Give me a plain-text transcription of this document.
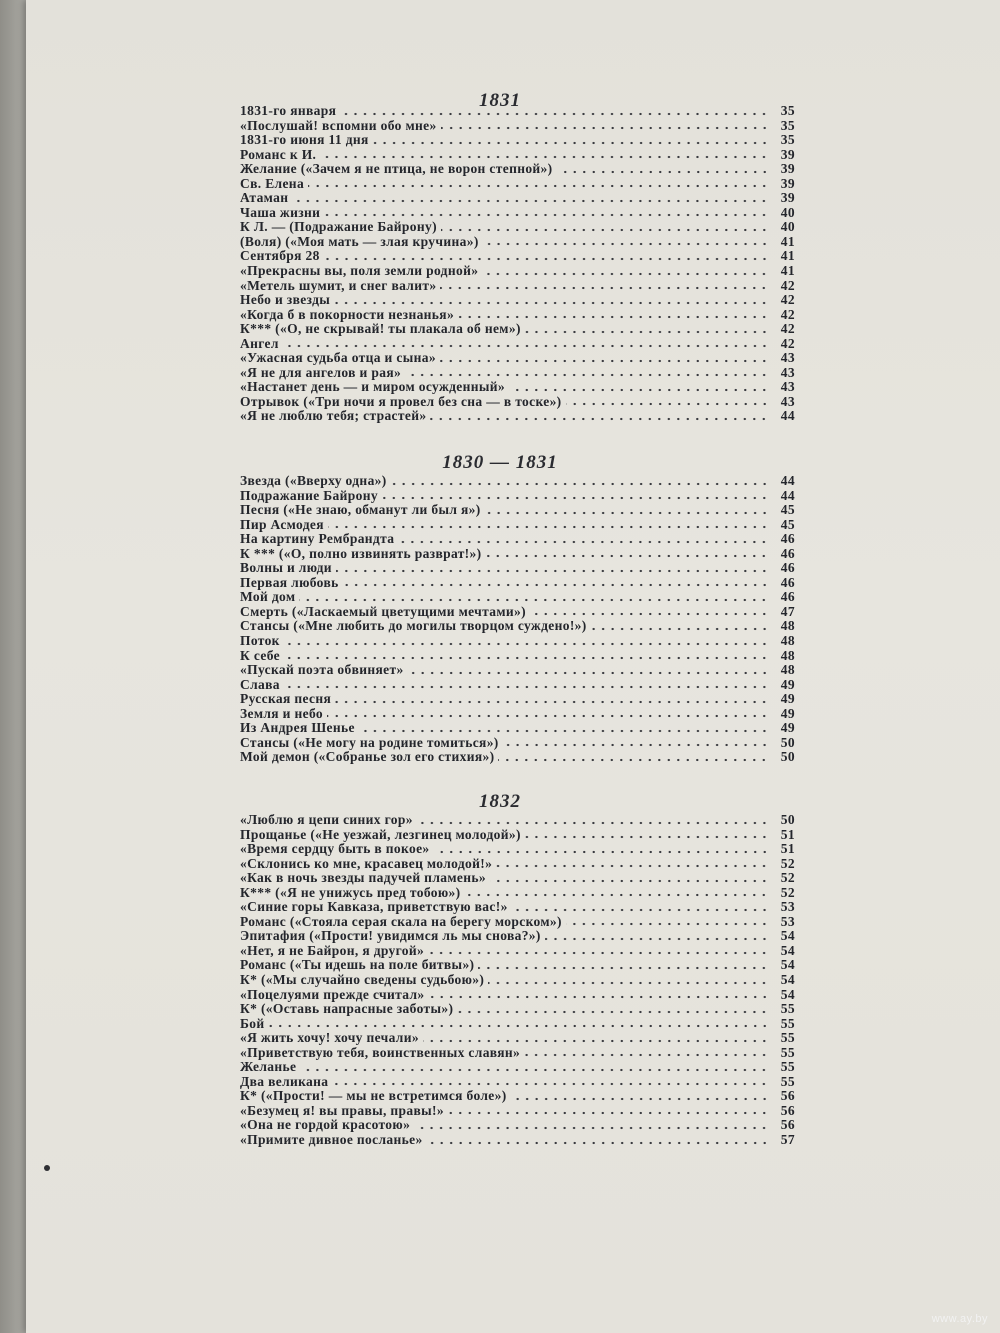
1831
1831-го января	35
«Послушай! вспомни обо мне»	35
1831-го июня 11 дня	35
Романс к И.	39
Желание («Зачем я не птица, не ворон степной»)	39
Св. Елена	39
Атаман	39
Чаша жизни	40
К Л. — (Подражание Байрону)	40
(Воля) («Моя мать — злая кручина»)	41
Сентября 28	41
«Прекрасны вы, поля земли родной»	41
«Метель шумит, и снег валит»	42
Небо и звезды	42
«Когда б в покорности незнанья»	42
К*** («О, не скрывай! ты плакала об нем»)	42
Ангел	42
«Ужасная судьба отца и сына»	43
«Я не для ангелов и рая»	43
«Настанет день — и миром осужденный»	43
Отрывок («Три ночи я провел без сна — в тоске»)	43
«Я не люблю тебя; страстей»	44
1830 — 1831
Звезда («Вверху одна»)	44
Подражание Байрону	44
Песня («Не знаю, обманут ли был я»)	45
Пир Асмодея	45
На картину Рембрандта	46
К *** («О, полно извинять разврат!»)	46
Волны и люди	46
Первая любовь	46
Мой дом	46
Смерть («Ласкаемый цветущими мечтами»)	47
Стансы («Мне любить до могилы творцом суждено!»)	48
Поток	48
К себе	48
«Пускай поэта обвиняет»	48
Слава	49
Русская песня	49
Земля и небо	49
Из Андрея Шенье	49
Стансы («Не могу на родине томиться»)	50
Мой демон («Собранье зол его стихия»)	50
1832
«Люблю я цепи синих гор»	50
Прощанье («Не уезжай, лезгинец молодой»)	51
«Время сердцу быть в покое»	51
«Склонись ко мне, красавец молодой!»	52
«Как в ночь звезды падучей пламень»	52
К*** («Я не унижусь пред тобою»)	52
«Синие горы Кавказа, приветствую вас!»	53
Романс («Стояла серая скала на берегу морском»)	53
Эпитафия («Прости! увидимся ль мы снова?»)	54
«Нет, я не Байрон, я другой»	54
Романс («Ты идешь на поле битвы»)	54
К* («Мы случайно сведены судьбою»)	54
«Поцелуями прежде считал»	54
К* («Оставь напрасные заботы»)	55
Бой	55
«Я жить хочу! хочу печали»	55
«Приветствую тебя, воинственных славян»	55
Желанье	55
Два великана	55
К* («Прости! — мы не встретимся боле»)	56
«Безумец я! вы правы, правы!»	56
«Она не гордой красотою»	56
«Примите дивное посланье»	57
www.ay.by
